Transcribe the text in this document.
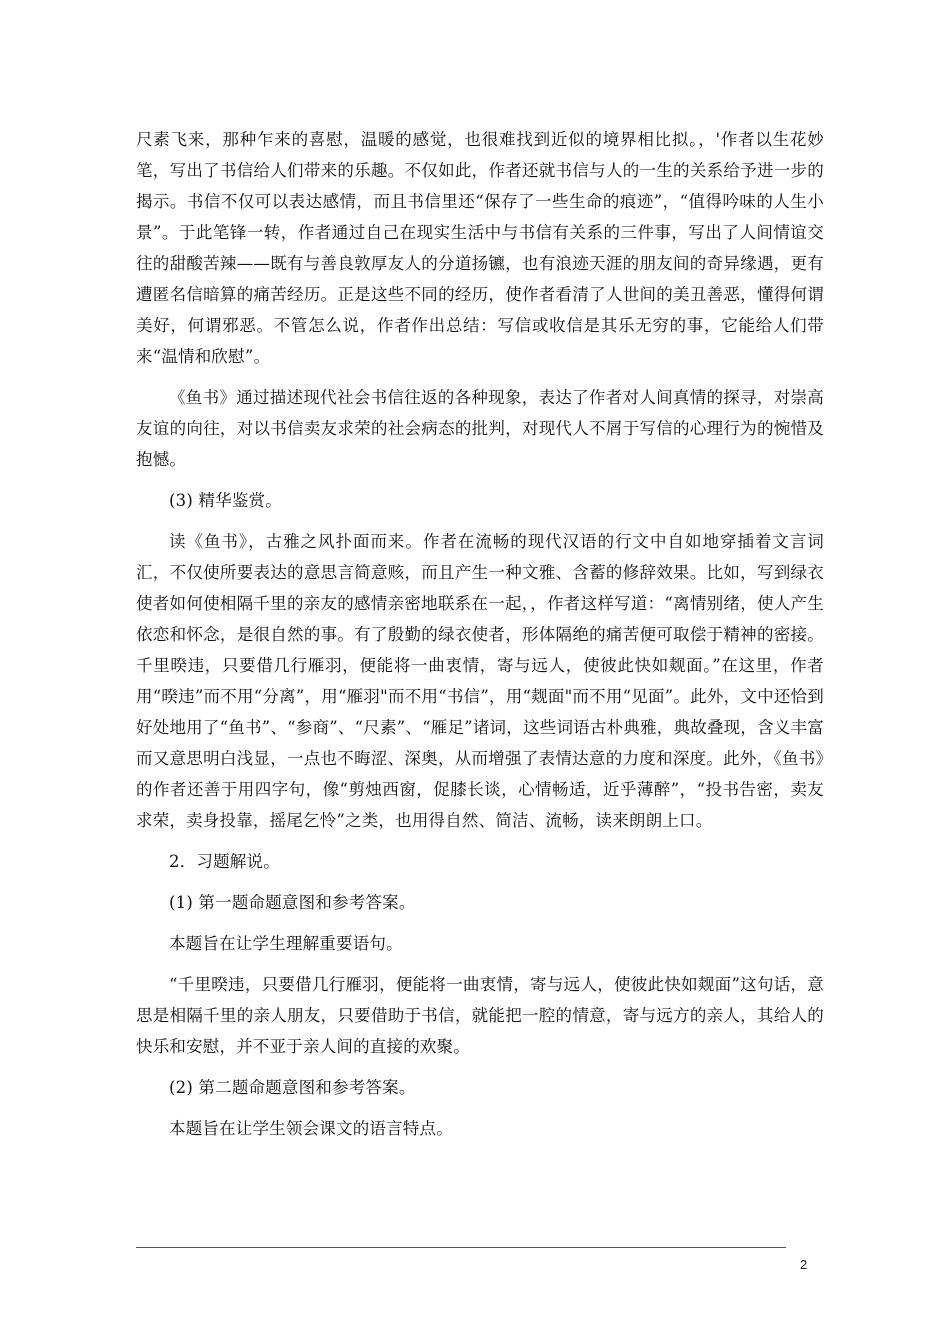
尺素飞来，那种乍来的喜慰，温暖的感觉，也很难找到近似的境界相比拟。，'作者以生花妙笔，写出了书信给人们带来的乐趣。不仅如此，作者还就书信与人的一生的关系给予进一步的揭示。书信不仅可以表达感情，而且书信里还“保存了一些生命的痕迹”，“值得吟味的人生小景”。于此笔锋一转，作者通过自己在现实生活中与书信有关系的三件事，写出了人间情谊交往的甜酸苦辣——既有与善良敦厚友人的分道扬镳，也有浪迹天涯的朋友间的奇异缘遇，更有遭匿名信暗算的痛苦经历。正是这些不同的经历，使作者看清了人世间的美丑善恶，懂得何谓美好，何谓邪恶。不管怎么说，作者作出总结：写信或收信是其乐无穷的事，它能给人们带来“温情和欣慰”。

《鱼书》通过描述现代社会书信往返的各种现象，表达了作者对人间真情的探寻，对崇高友谊的向往，对以书信卖友求荣的社会病态的批判，对现代人不屑于写信的心理行为的惋惜及抱憾。

(3) 精华鉴赏。

读《鱼书》，古雅之风扑面而来。作者在流畅的现代汉语的行文中自如地穿插着文言词汇，不仅使所要表达的意思言简意赅，而且产生一种文雅、含蓄的修辞效果。比如，写到绿衣使者如何使相隔千里的亲友的感情亲密地联系在一起，，作者这样写道：“离情别绪，使人产生依恋和怀念，是很自然的事。有了殷勤的绿衣使者，形体隔绝的痛苦便可取偿于精神的密接。千里暌违，只要借几行雁羽，便能将一曲衷情，寄与远人，使彼此快如觌面。”在这里，作者用“暌违”而不用“分离”，用“雁羽"而不用“书信”，用“觌面"而不用“见面”。此外，文中还恰到好处地用了“鱼书”、“参商”、“尺素”、“雁足”诸词，这些词语古朴典雅，典故叠现，含义丰富而又意思明白浅显，一点也不晦涩、深奥，从而增强了表情达意的力度和深度。此外，《鱼书》的作者还善于用四字句，像“剪烛西窗，促膝长谈，心情畅适，近乎薄醉”，“投书告密，卖友求荣，卖身投靠，摇尾乞怜”之类，也用得自然、简洁、流畅，读来朗朗上口。

2．习题解说。

(1) 第一题命题意图和参考答案。

本题旨在让学生理解重要语句。

“千里暌违，只要借几行雁羽，便能将一曲衷情，寄与远人，使彼此快如觌面”这句话，意思是相隔千里的亲人朋友，只要借助于书信，就能把一腔的情意，寄与远方的亲人，其给人的快乐和安慰，并不亚于亲人间的直接的欢聚。

(2) 第二题命题意图和参考答案。

本题旨在让学生领会课文的语言特点。

2
